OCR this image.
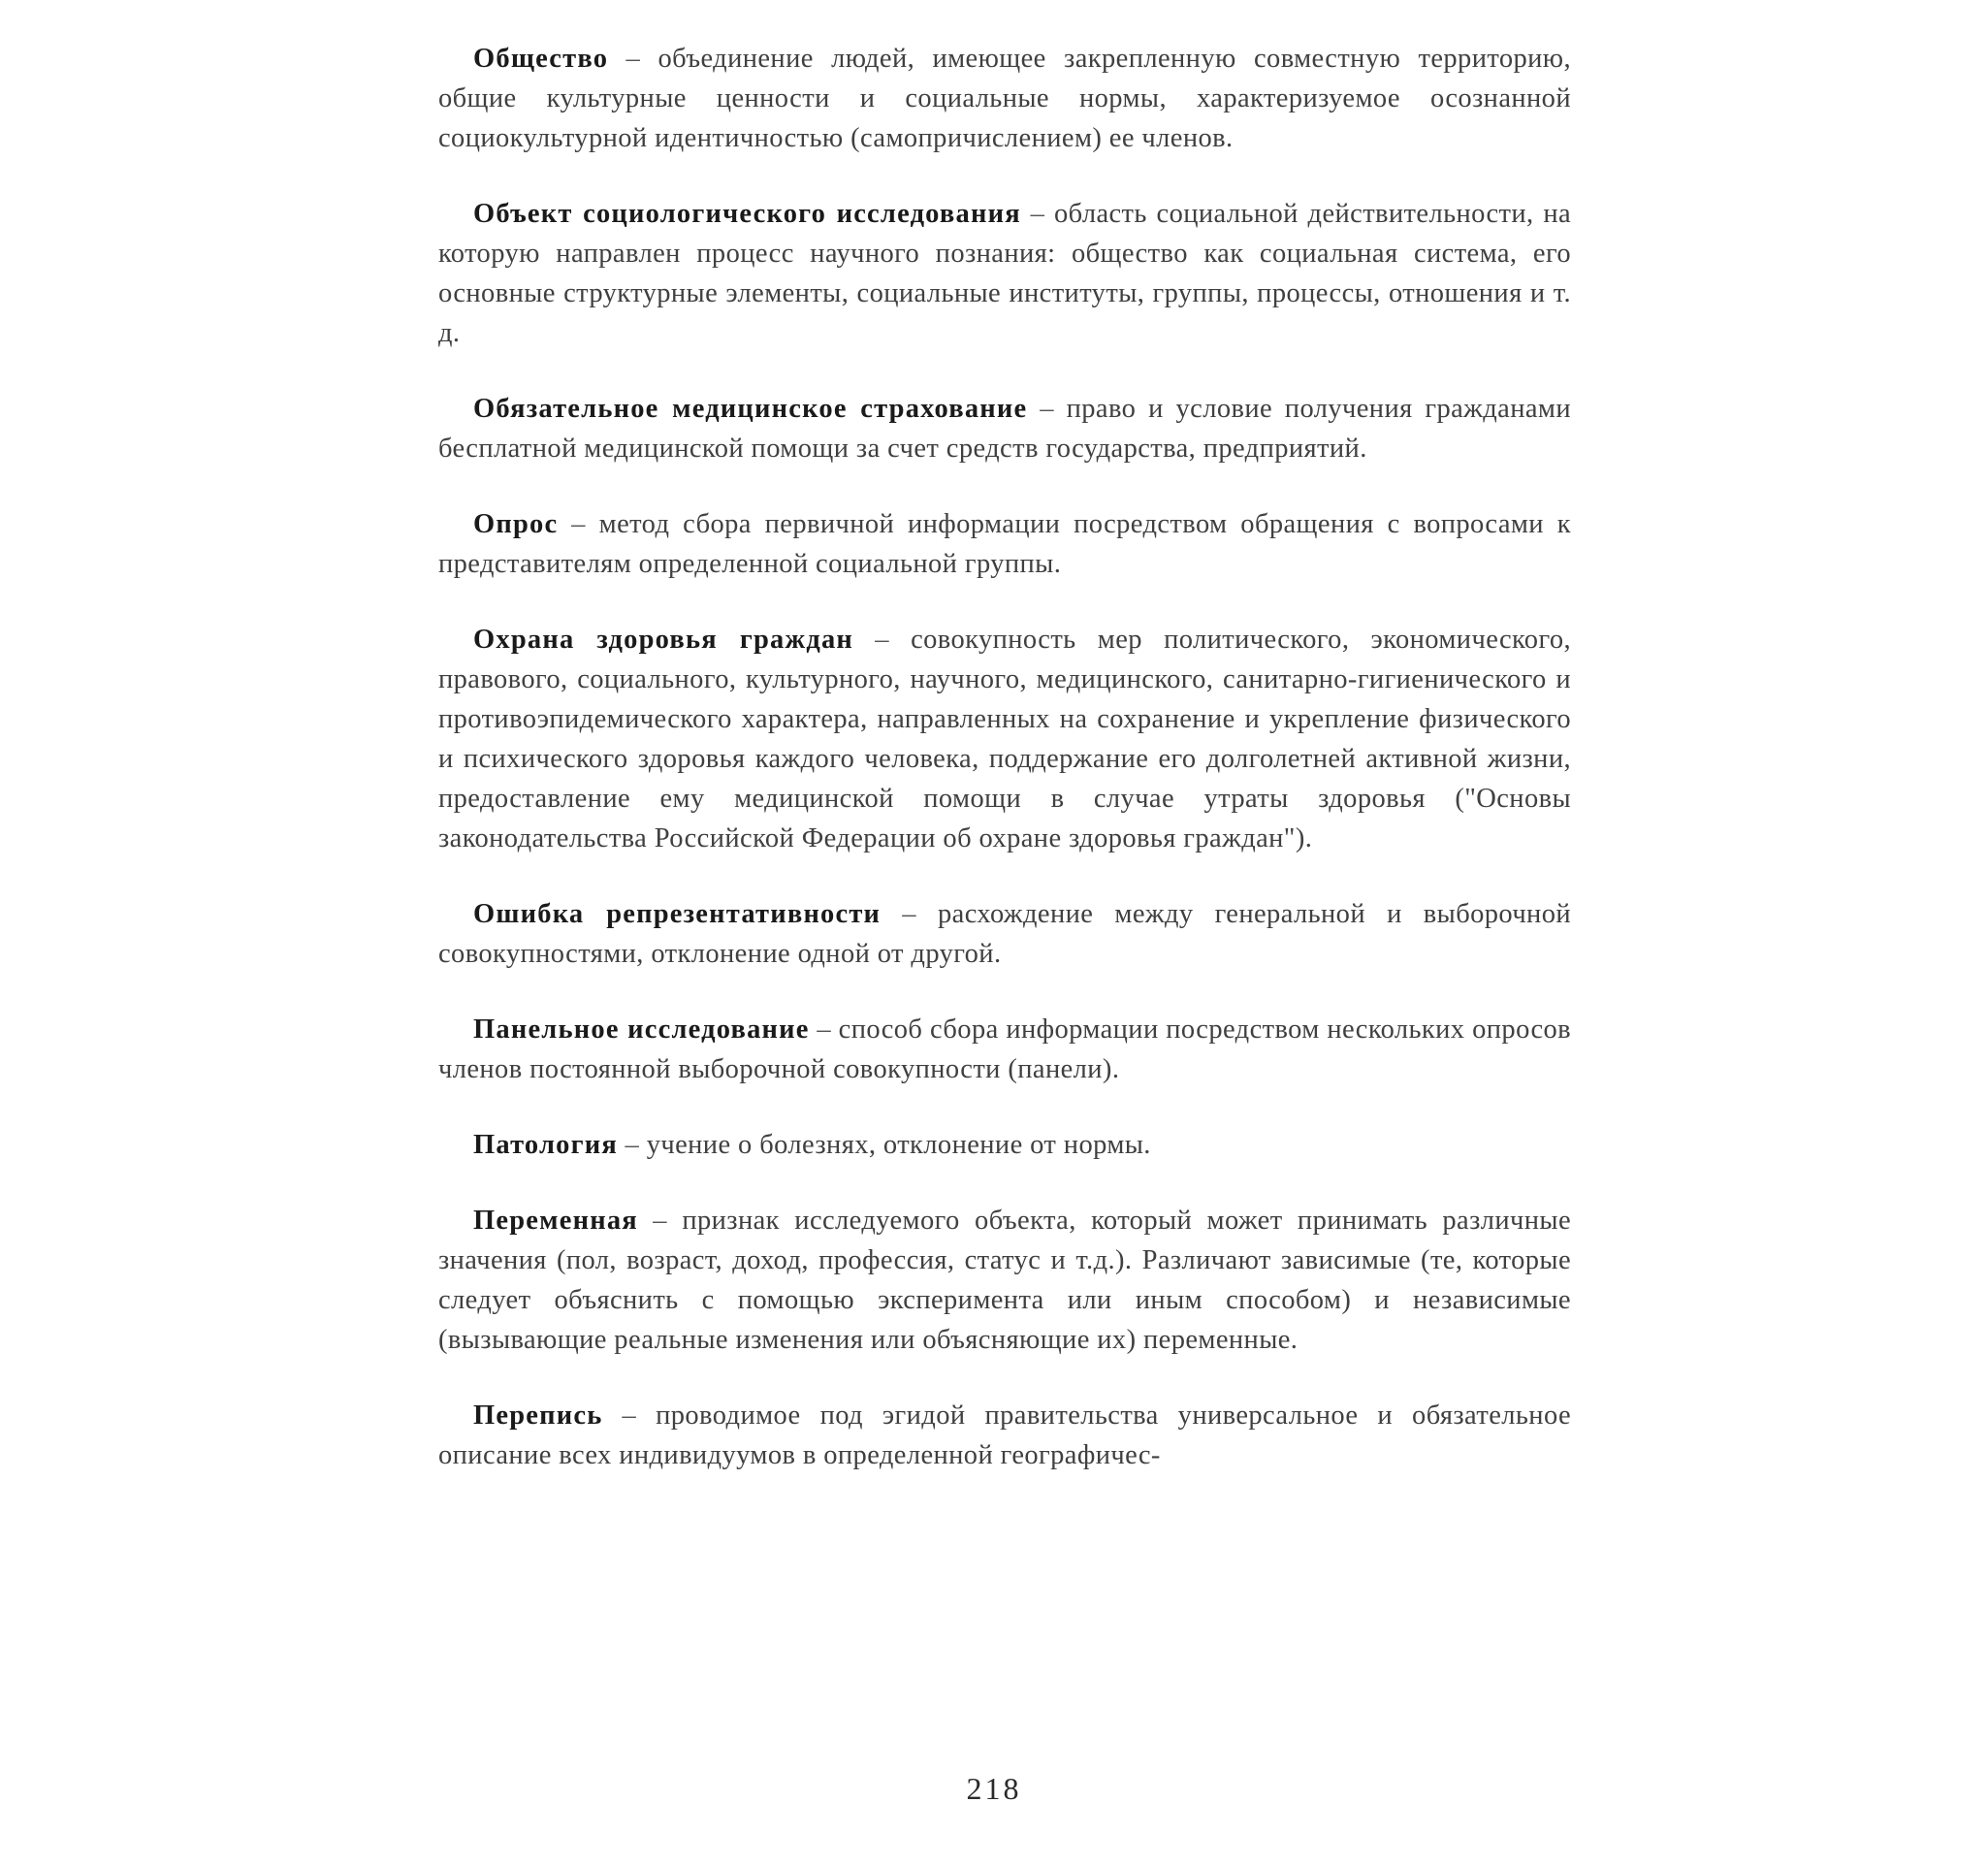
Общество – объединение людей, имеющее закрепленную совместную территорию, общие культурные ценности и социальные нормы, характеризуемое осознанной социокультурной идентичностью (самопричислением) ее членов.

Объект социологического исследования – область социальной действительности, на которую направлен процесс научного познания: общество как социальная система, его основные структурные элементы, социальные институты, группы, процессы, отношения и т. д.

Обязательное медицинское страхование – право и условие получения гражданами бесплатной медицинской помощи за счет средств государства, предприятий.

Опрос – метод сбора первичной информации посредством обращения с вопросами к представителям определенной социальной группы.

Охрана здоровья граждан – совокупность мер политического, экономического, правового, социального, культурного, научного, медицинского, санитарно-гигиенического и противоэпидемического характера, направленных на сохранение и укрепление физического и психического здоровья каждого человека, поддержание его долголетней активной жизни, предоставление ему медицинской помощи в случае утраты здоровья ("Основы законодательства Российской Федерации об охране здоровья граждан").

Ошибка репрезентативности – расхождение между генеральной и выборочной совокупностями, отклонение одной от другой.

Панельное исследование – способ сбора информации посредством нескольких опросов членов постоянной выборочной совокупности (панели).

Патология – учение о болезнях, отклонение от нормы.

Переменная – признак исследуемого объекта, который может принимать различные значения (пол, возраст, доход, профессия, статус и т.д.). Различают зависимые (те, которые следует объяснить с помощью эксперимента или иным способом) и независимые (вызывающие реальные изменения или объясняющие их) переменные.

Перепись – проводимое под эгидой правительства универсальное и обязательное описание всех индивидуумов в определенной географичес-

218
